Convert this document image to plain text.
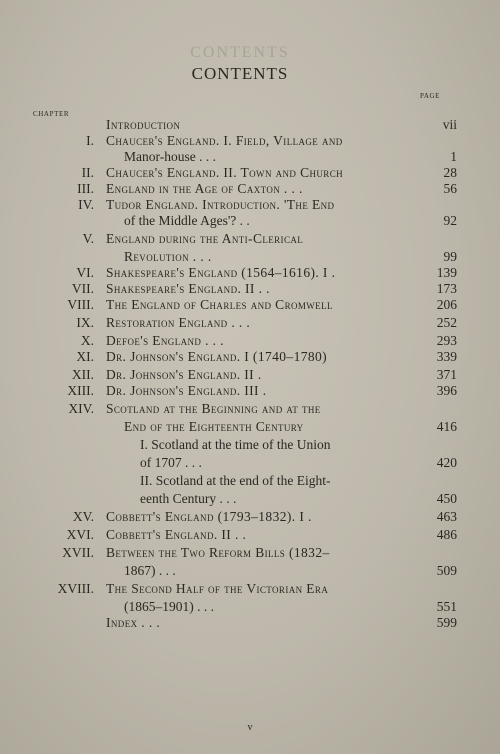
CONTENTS
CONTENTS
CHAPTER
PAGE
Introduction	vii
I. Chaucer's England. I. Field, Village and
Manor-house . . .	1
II. Chaucer's England. II. Town and Church	28
III. England in the Age of Caxton . . .	56
IV. Tudor England. Introduction. 'The End
of the Middle Ages'? . .	92
V. England during the Anti-Clerical
Revolution . . .	99
VI. Shakespeare's England (1564–1616). I .	139
VII. Shakespeare's England. II . .	173
VIII. The England of Charles and Cromwell	206
IX. Restoration England . . .	252
X. Defoe's England . . .	293
XI. Dr. Johnson's England. I (1740–1780)	339
XII. Dr. Johnson's England. II .	371
XIII. Dr. Johnson's England. III .	396
XIV. Scotland at the Beginning and at the
End of the Eighteenth Century	416
I. Scotland at the time of the Union
of 1707 . . .	420
II. Scotland at the end of the Eight-
eenth Century . . .	450
XV. Cobbett's England (1793–1832). I .	463
XVI. Cobbett's England. II . .	486
XVII. Between the Two Reform Bills (1832–
1867) . . .	509
XVIII. The Second Half of the Victorian Era
(1865–1901) . . .	551
Index . . .	599
v
